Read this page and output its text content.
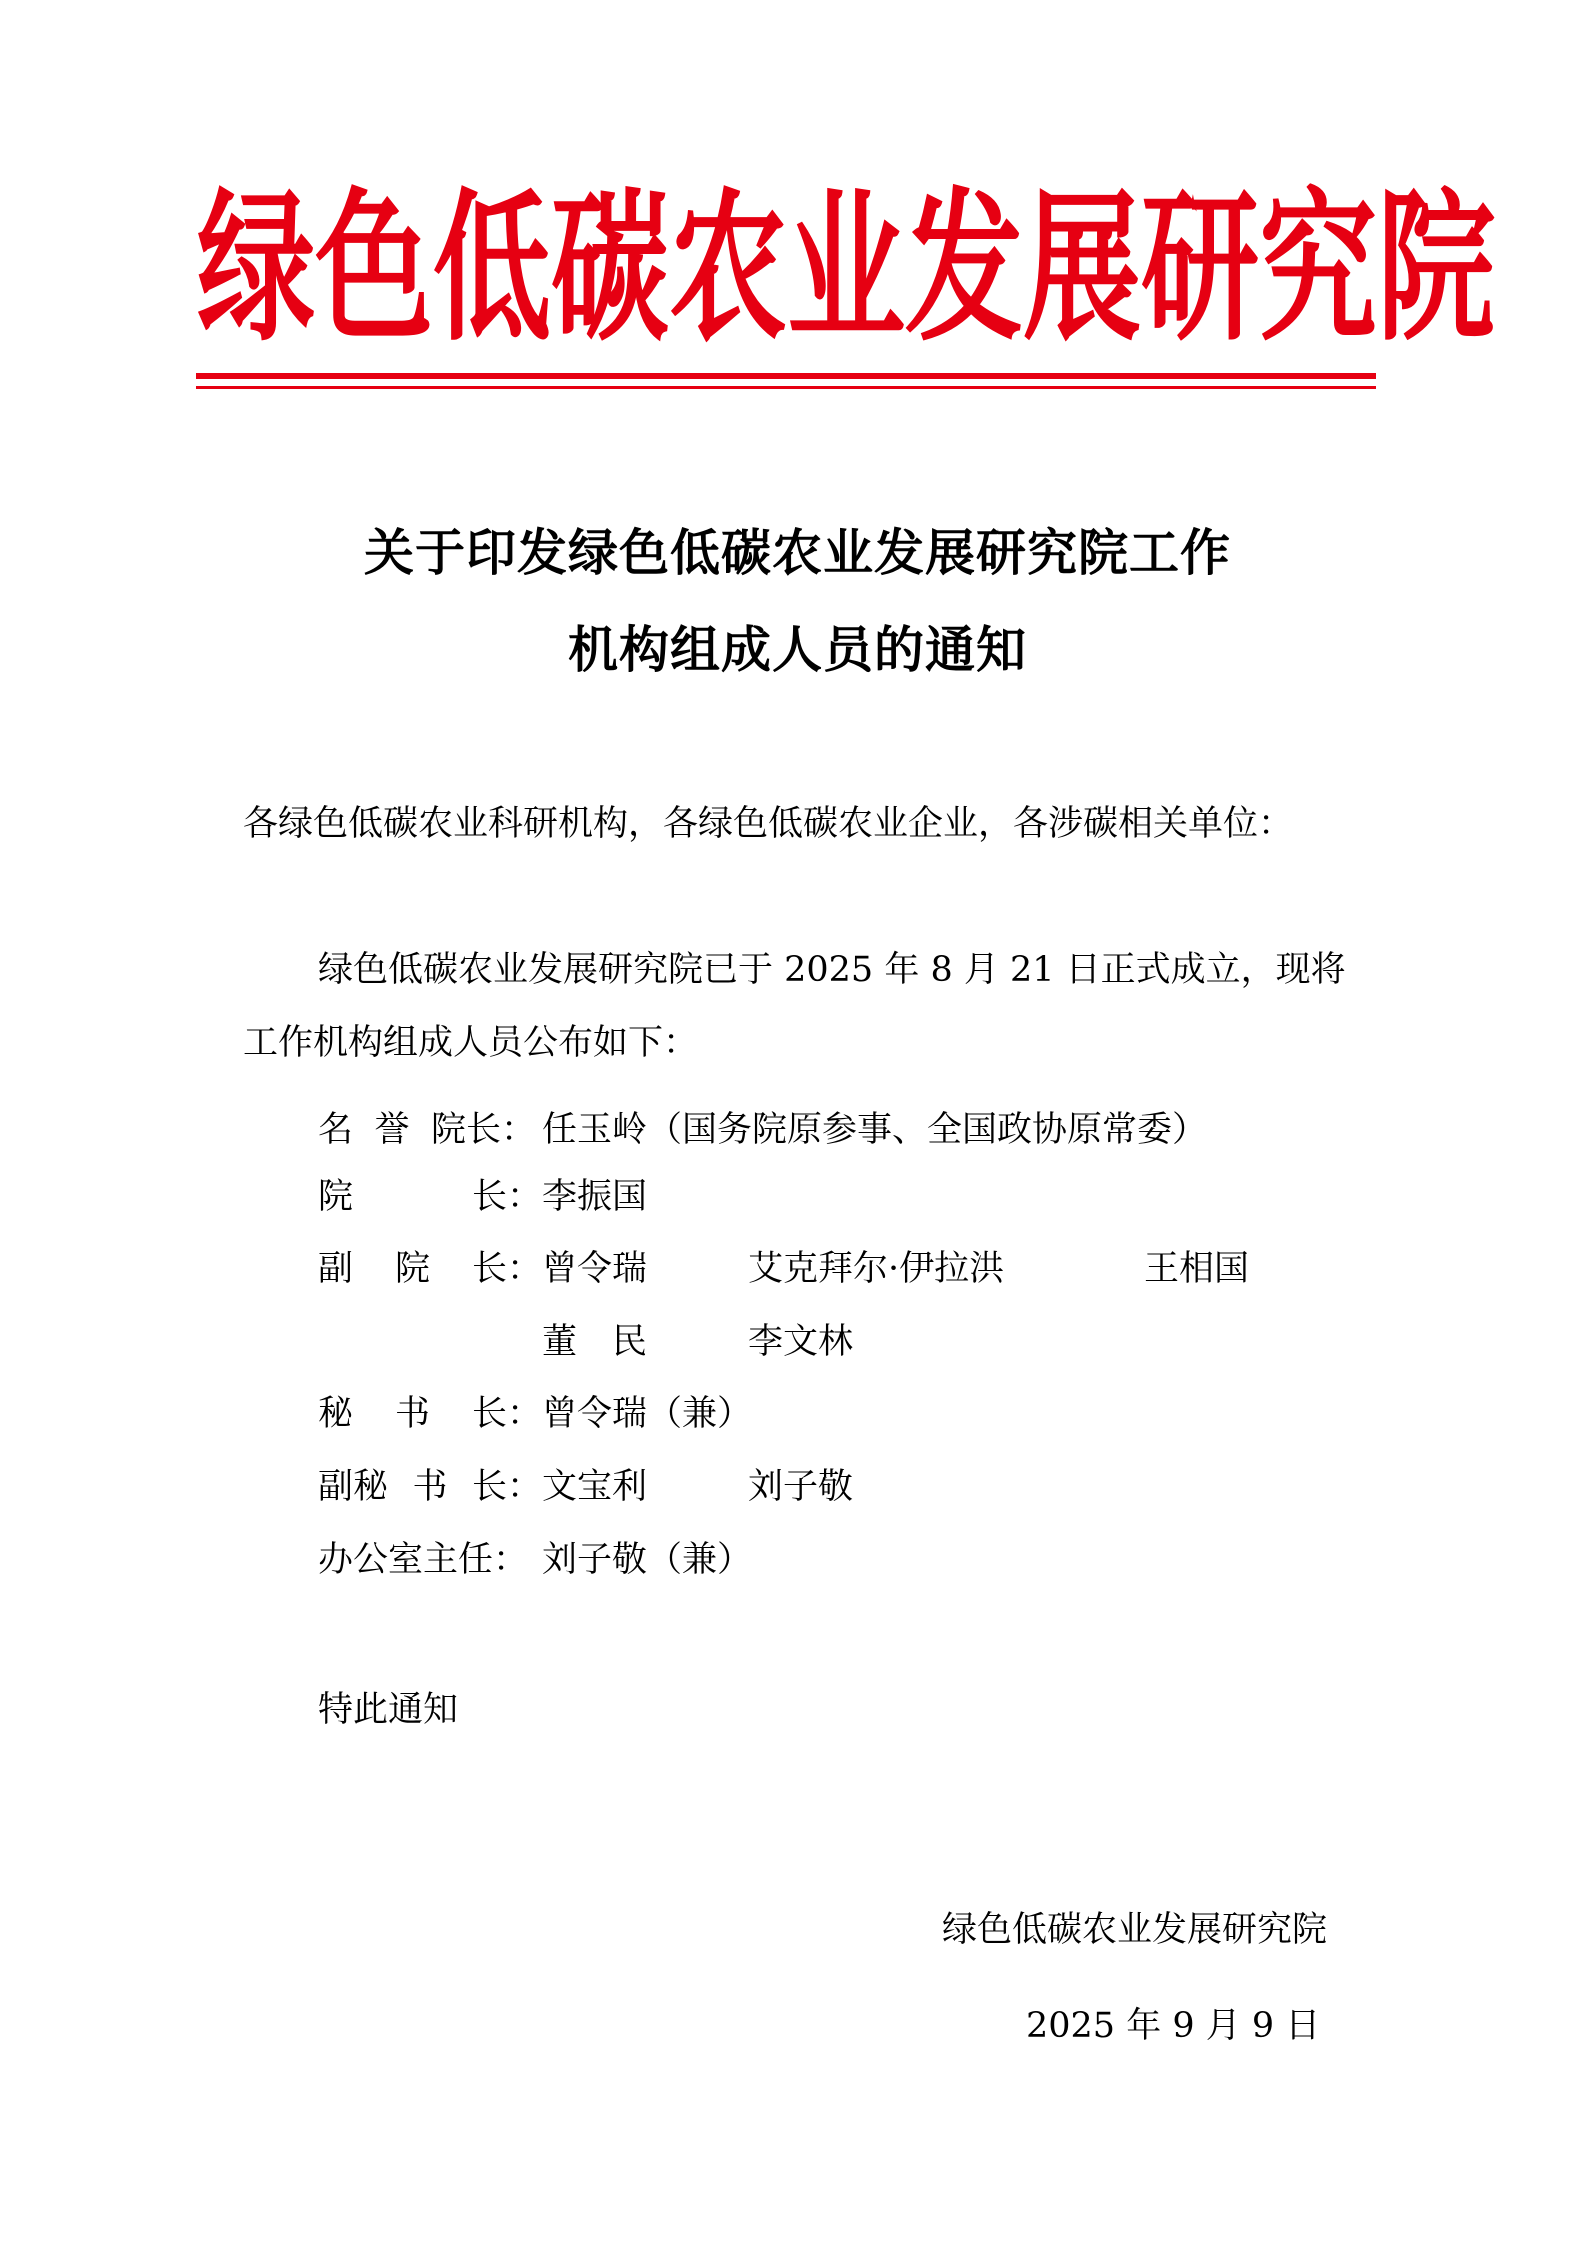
绿 色 低 碳 农 业 发 展 研 究 院
关于印发绿色低碳农业发展研究院工作
机构组成人员的通知
各绿色低碳农业科研机构，各绿色低碳农业企业，各涉碳相关单位：
绿色低碳农业发展研究院已于 2025 年 8 月 21 日正式成立，现将
工作机构组成人员公布如下：
名 誉 院长： 任玉岭（国务院原参事、全国政协原常委）
院	长： 李振国
副 院 长： 曾令瑞	艾克拜尔·伊拉洪	王相国
董　民	李文林
秘 书 长： 曾令瑞（兼）
副秘 书 长： 文宝利	刘子敬
办公室主任： 刘子敬（兼）
特此通知
绿色低碳农业发展研究院
2025 年 9 月 9 日
